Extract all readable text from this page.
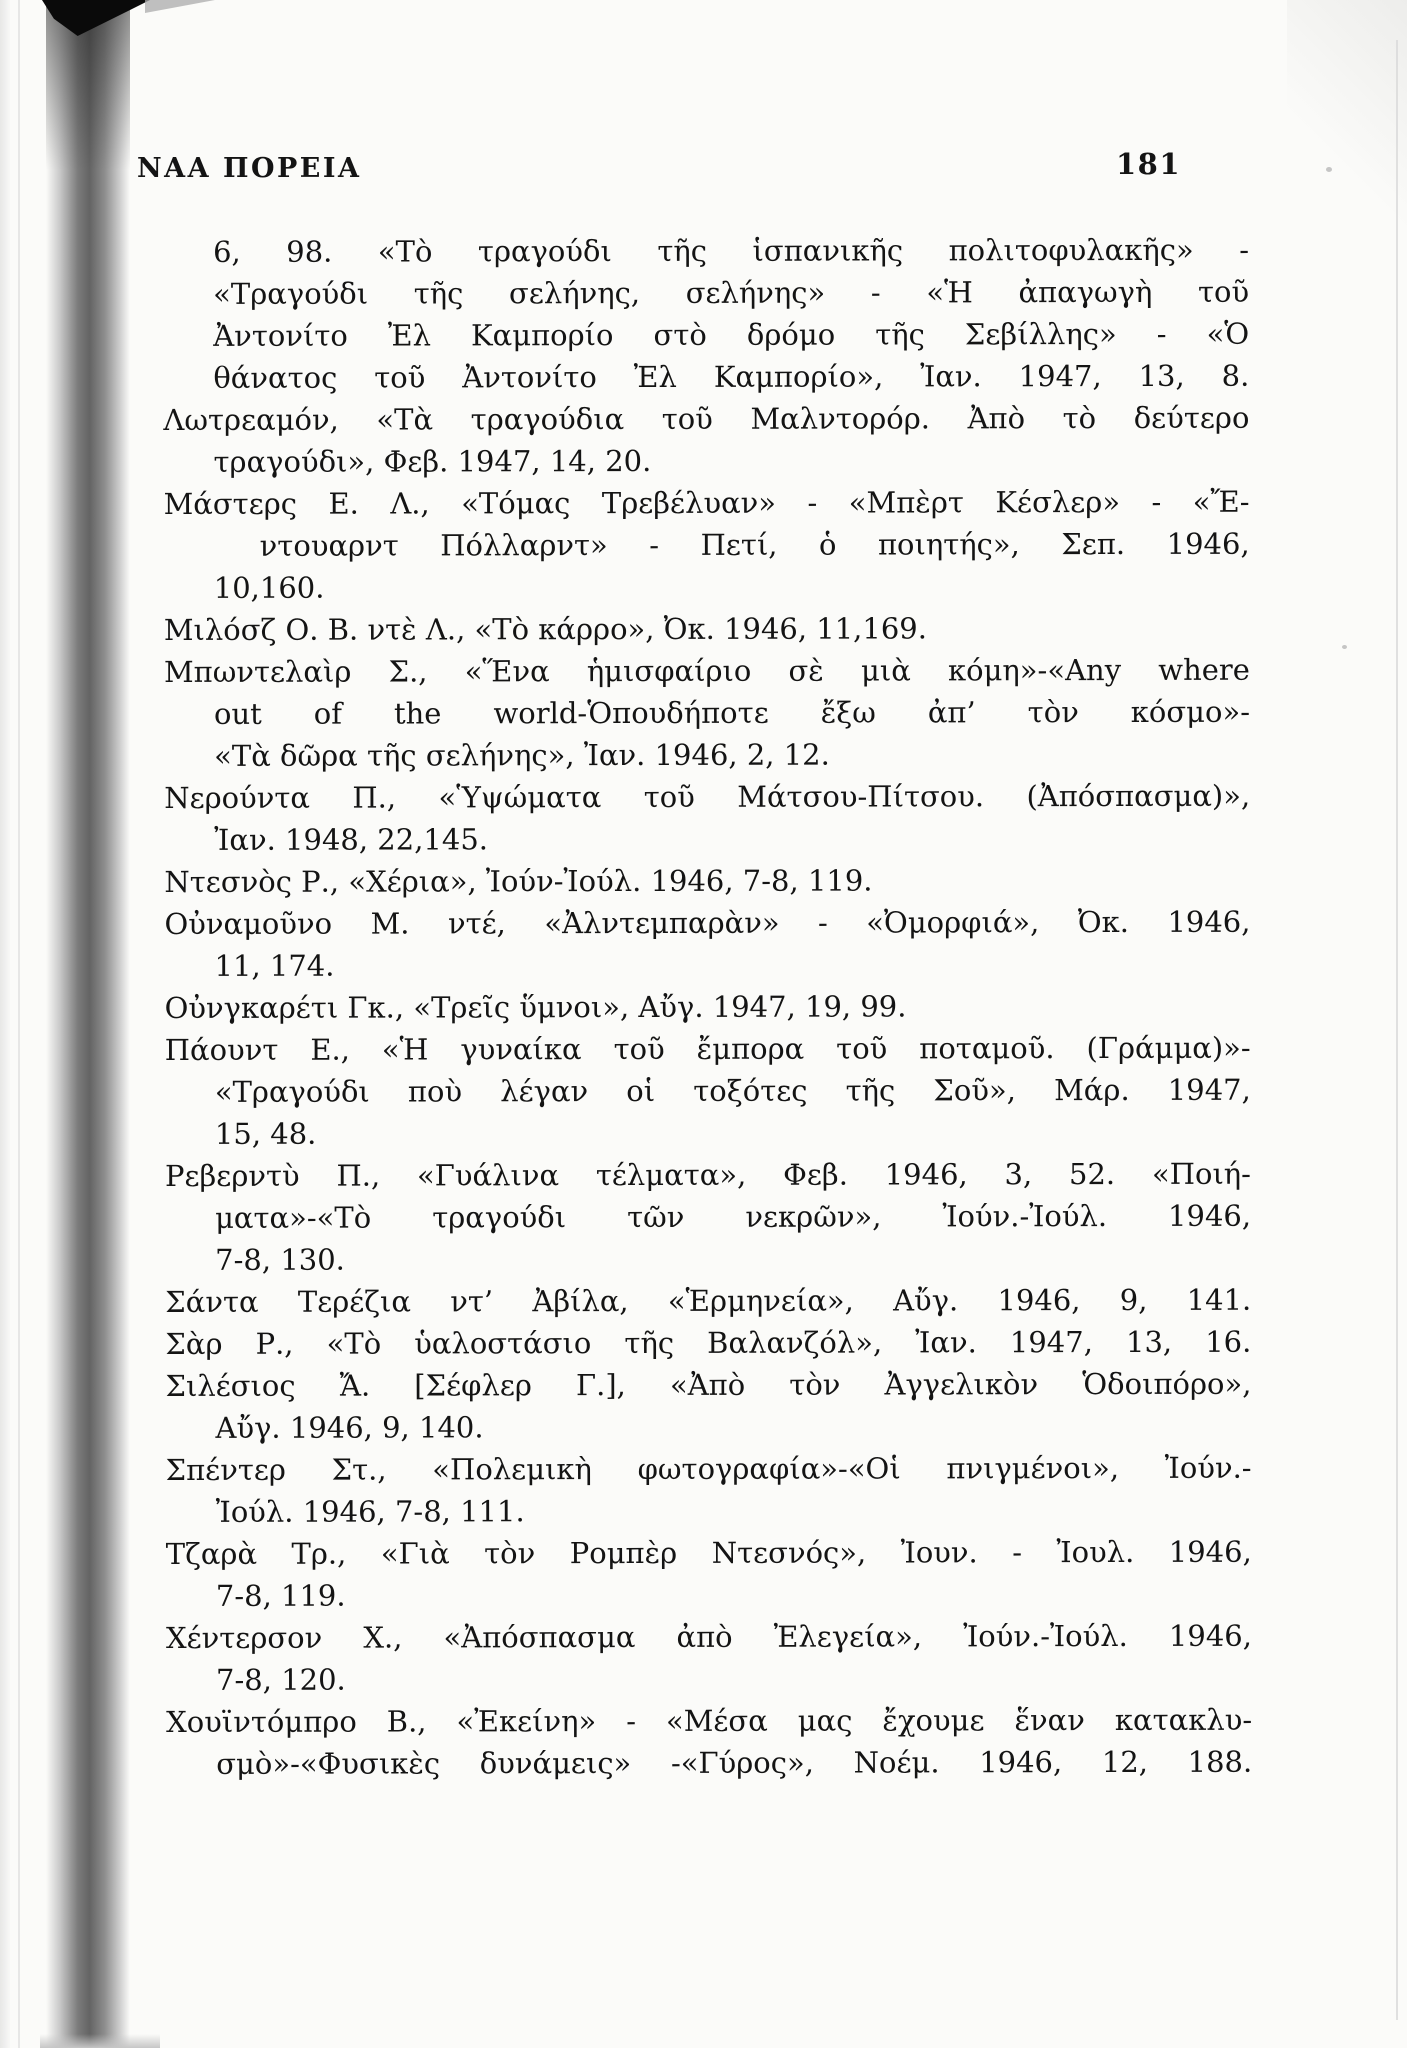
ΝΑΑ ΠΟΡΕΙΑ	181
6, 98. «Τὸ τραγούδι τῆς ἱσπανικῆς πολιτοφυλακῆς» -
«Τραγούδι τῆς σελήνης, σελήνης» - «Ἡ ἀπαγωγὴ τοῦ
Ἀντονίτο Ἐλ Καμπορίο στὸ δρόμο τῆς Σεβίλλης» - «Ὁ
θάνατος τοῦ Ἀντονίτο Ἐλ Καμπορίο», Ἰαν. 1947, 13, 8.
Λωτρεαμόν, «Τὰ τραγούδια τοῦ Μαλντορόρ. Ἀπὸ τὸ δεύτερο
τραγούδι», Φεβ. 1947, 14, 20.
Μάστερς Ε. Λ., «Τόμας Τρεβέλυαν» - «Μπὲρτ Κέσλερ» - «Ἔ-
ντουαρντ Πόλλαρντ» - Πετί, ὁ ποιητής», Σεπ. 1946,
10,160.
Μιλόσζ Ο. Β. ντὲ Λ., «Τὸ κάρρο», Ὀκ. 1946, 11,169.
Μπωντελαὶρ Σ., «Ἕνα ἡμισφαίριο σὲ μιὰ κόμη»-«Any where
out of the world-Ὁπουδήποτε ἔξω ἀπ’ τὸν κόσμο»-
«Τὰ δῶρα τῆς σελήνης», Ἰαν. 1946, 2, 12.
Νερούντα Π., «Ὑψώματα τοῦ Μάτσου-Πίτσου. (Ἀπόσπασμα)»,
Ἰαν. 1948, 22,145.
Ντεσνὸς Ρ., «Χέρια», Ἰούν-Ἰούλ. 1946, 7-8, 119.
Οὐναμοῦνο Μ. ντέ, «Ἀλντεμπαρὰν» - «Ὀμορφιά», Ὀκ. 1946,
11, 174.
Οὐνγκαρέτι Γκ., «Τρεῖς ὕμνοι», Αὔγ. 1947, 19, 99.
Πάουντ Ε., «Ἡ γυναίκα τοῦ ἔμπορα τοῦ ποταμοῦ. (Γράμμα)»-
«Τραγούδι ποὺ λέγαν οἱ τοξότες τῆς Σοῦ», Μάρ. 1947,
15, 48.
Ρεβερντὺ Π., «Γυάλινα τέλματα», Φεβ. 1946, 3, 52. «Ποιή-
ματα»-«Τὸ τραγούδι τῶν νεκρῶν», Ἰούν.-Ἰούλ. 1946,
7-8, 130.
Σάντα Τερέζια ντ’ Ἀβίλα, «Ἑρμηνεία», Αὔγ. 1946, 9, 141.
Σὰρ Ρ., «Τὸ ὑαλοστάσιο τῆς Βαλανζόλ», Ἰαν. 1947, 13, 16.
Σιλέσιος Ἄ. [Σέφλερ Γ.], «Ἀπὸ τὸν Ἀγγελικὸν Ὁδοιπόρο»,
Αὔγ. 1946, 9, 140.
Σπέντερ Στ., «Πολεμικὴ φωτογραφία»-«Οἱ πνιγμένοι», Ἰούν.-
Ἰούλ. 1946, 7-8, 111.
Τζαρὰ Τρ., «Γιὰ τὸν Ρομπὲρ Ντεσνός», Ἰουν. - Ἰουλ. 1946,
7-8, 119.
Χέντερσον Χ., «Ἀπόσπασμα ἀπὸ Ἐλεγεία», Ἰούν.-Ἰούλ. 1946,
7-8, 120.
Χουϊντόμπρο Β., «Ἐκείνη» - «Μέσα μας ἔχουμε ἕναν κατακλυ-
σμὸ»-«Φυσικὲς δυνάμεις» -«Γύρος», Νοέμ. 1946, 12, 188.
